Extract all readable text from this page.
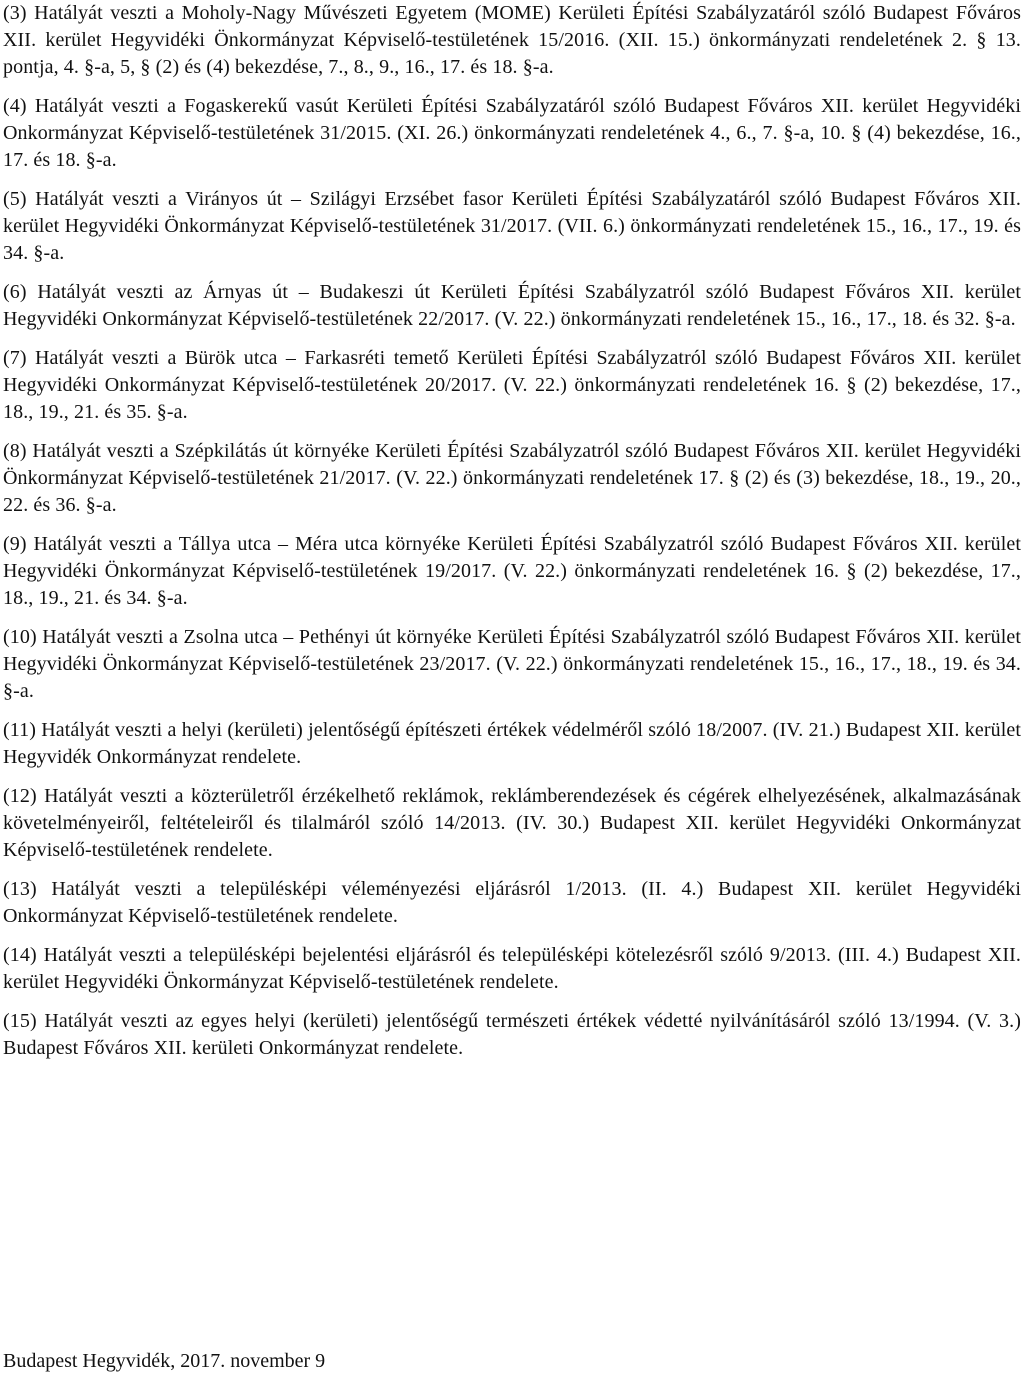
(3) Hatályát veszti a Moholy-Nagy Művészeti Egyetem (MOME) Kerületi Építési Szabályzatáról szóló Budapest Főváros XII. kerület Hegyvidéki Önkormányzat Képviselő-testületének 15/2016. (XII. 15.) önkormányzati rendeletének 2. § 13. pontja, 4. §-a, 5, § (2) és (4) bekezdése, 7., 8., 9., 16., 17. és 18. §-a.

(4) Hatályát veszti a Fogaskerekű vasút Kerületi Építési Szabályzatáról szóló Budapest Főváros XII. kerület Hegyvidéki Onkormányzat Képviselő-testületének 31/2015. (XI. 26.) önkormányzati rendeletének 4., 6., 7. §-a, 10. § (4) bekezdése, 16., 17. és 18. §-a.

(5) Hatályát veszti a Virányos út – Szilágyi Erzsébet fasor Kerületi Építési Szabályzatáról szóló Budapest Főváros XII. kerület Hegyvidéki Önkormányzat Képviselő-testületének 31/2017. (VII. 6.) önkormányzati rendeletének 15., 16., 17., 19. és 34. §-a.

(6) Hatályát veszti az Árnyas út – Budakeszi út Kerületi Építési Szabályzatról szóló Budapest Főváros XII. kerület Hegyvidéki Onkormányzat Képviselő-testületének 22/2017. (V. 22.) önkormányzati rendeletének 15., 16., 17., 18. és 32. §-a.

(7) Hatályát veszti a Bürök utca – Farkasréti temető Kerületi Építési Szabályzatról szóló Budapest Főváros XII. kerület Hegyvidéki Onkormányzat Képviselő-testületének 20/2017. (V. 22.) önkormányzati rendeletének 16. § (2) bekezdése, 17., 18., 19., 21. és 35. §-a.

(8) Hatályát veszti a Szépkilátás út környéke Kerületi Építési Szabályzatról szóló Budapest Főváros XII. kerület Hegyvidéki Önkormányzat Képviselő-testületének 21/2017. (V. 22.) önkormányzati rendeletének 17. § (2) és (3) bekezdése, 18., 19., 20., 22. és 36. §-a.

(9) Hatályát veszti a Tállya utca – Méra utca környéke Kerületi Építési Szabályzatról szóló Budapest Főváros XII. kerület Hegyvidéki Önkormányzat Képviselő-testületének 19/2017. (V. 22.) önkormányzati rendeletének 16. § (2) bekezdése, 17., 18., 19., 21. és 34. §-a.

(10) Hatályát veszti a Zsolna utca – Pethényi út környéke Kerületi Építési Szabályzatról szóló Budapest Főváros XII. kerület Hegyvidéki Önkormányzat Képviselő-testületének 23/2017. (V. 22.) önkormányzati rendeletének 15., 16., 17., 18., 19. és 34. §-a.

(11) Hatályát veszti a helyi (kerületi) jelentőségű építészeti értékek védelméről szóló 18/2007. (IV. 21.) Budapest XII. kerület Hegyvidék Onkormányzat rendelete.

(12) Hatályát veszti a közterületről érzékelhető reklámok, reklámberendezések és cégérek elhelyezésének, alkalmazásának követelményeiről, feltételeiről és tilalmáról szóló 14/2013. (IV. 30.) Budapest XII. kerület Hegyvidéki Onkormányzat Képviselő-testületének rendelete.

(13) Hatályát veszti a településképi véleményezési eljárásról 1/2013. (II. 4.) Budapest XII. kerület Hegyvidéki Onkormányzat Képviselő-testületének rendelete.

(14) Hatályát veszti a településképi bejelentési eljárásról és településképi kötelezésről szóló 9/2013. (III. 4.) Budapest XII. kerület Hegyvidéki Önkormányzat Képviselő-testületének rendelete.

(15) Hatályát veszti az egyes helyi (kerületi) jelentőségű természeti értékek védetté nyilvánításáról szóló 13/1994. (V. 3.) Budapest Főváros XII. kerületi Onkormányzat rendelete.

Budapest Hegyvidék, 2017. november 9
